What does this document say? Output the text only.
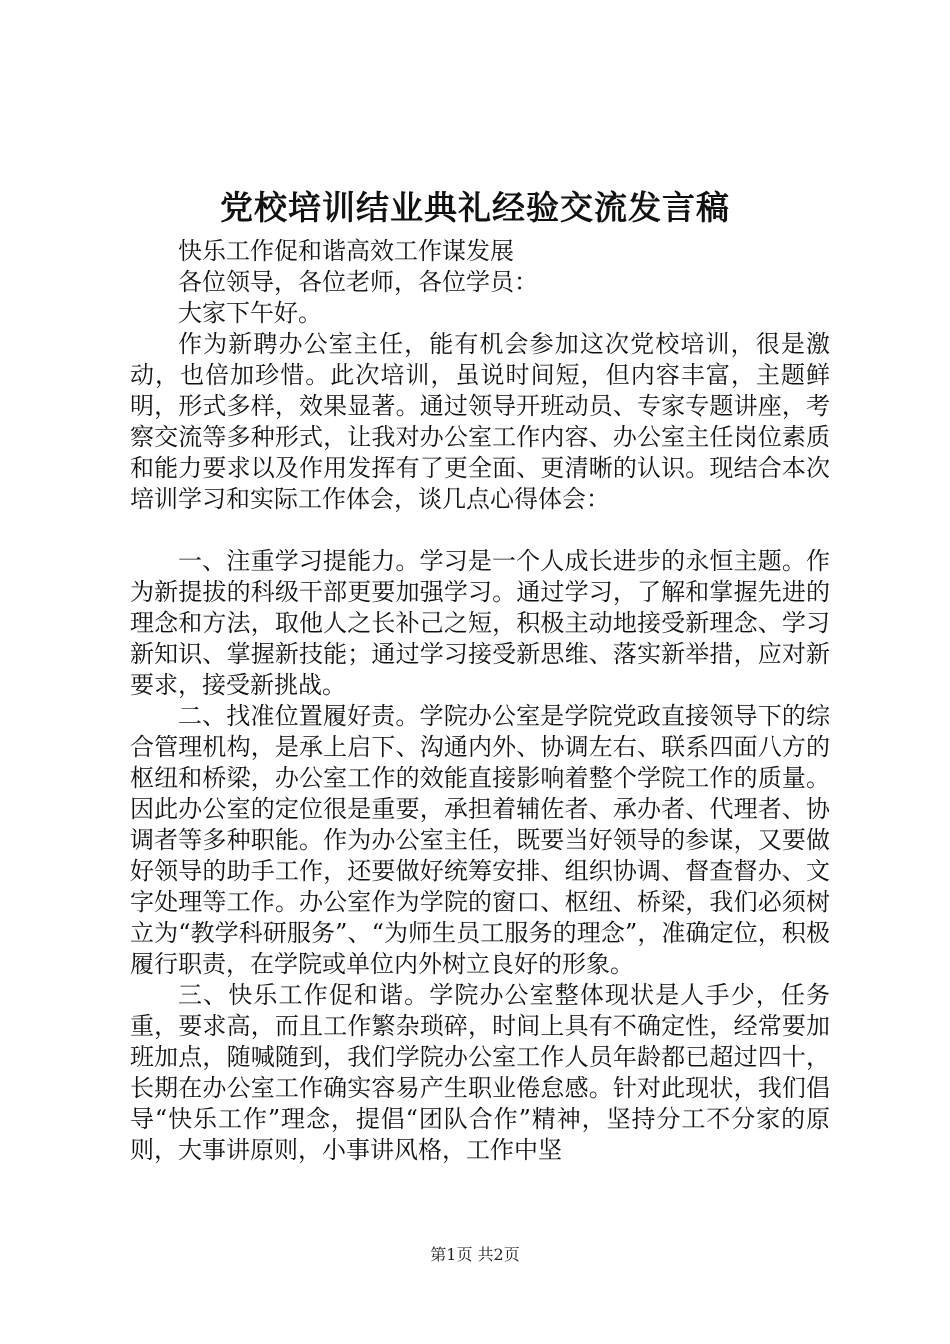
党校培训结业典礼经验交流发言稿

快乐工作促和谐高效工作谋发展

各位领导，各位老师，各位学员：

大家下午好。

作为新聘办公室主任，能有机会参加这次党校培训，很是激动，也倍加珍惜。此次培训，虽说时间短，但内容丰富，主题鲜明，形式多样，效果显著。通过领导开班动员、专家专题讲座，考察交流等多种形式，让我对办公室工作内容、办公室主任岗位素质和能力要求以及作用发挥有了更全面、更清晰的认识。现结合本次培训学习和实际工作体会，谈几点心得体会：

一、注重学习提能力。学习是一个人成长进步的永恒主题。作为新提拔的科级干部更要加强学习。通过学习，了解和掌握先进的理念和方法，取他人之长补己之短，积极主动地接受新理念、学习新知识、掌握新技能；通过学习接受新思维、落实新举措，应对新要求，接受新挑战。

二、找准位置履好责。学院办公室是学院党政直接领导下的综合管理机构，是承上启下、沟通内外、协调左右、联系四面八方的枢纽和桥梁，办公室工作的效能直接影响着整个学院工作的质量。因此办公室的定位很是重要，承担着辅佐者、承办者、代理者、协调者等多种职能。作为办公室主任，既要当好领导的参谋，又要做好领导的助手工作，还要做好统筹安排、组织协调、督查督办、文字处理等工作。办公室作为学院的窗口、枢纽、桥梁，我们必须树立为“教学科研服务”、“为师生员工服务的理念”，准确定位，积极履行职责，在学院或单位内外树立良好的形象。

三、快乐工作促和谐。学院办公室整体现状是人手少，任务重，要求高，而且工作繁杂琐碎，时间上具有不确定性，经常要加班加点，随喊随到，我们学院办公室工作人员年龄都已超过四十，长期在办公室工作确实容易产生职业倦怠感。针对此现状，我们倡导“快乐工作”理念，提倡“团队合作”精神，坚持分工不分家的原则，大事讲原则，小事讲风格，工作中坚

第1页 共2页
